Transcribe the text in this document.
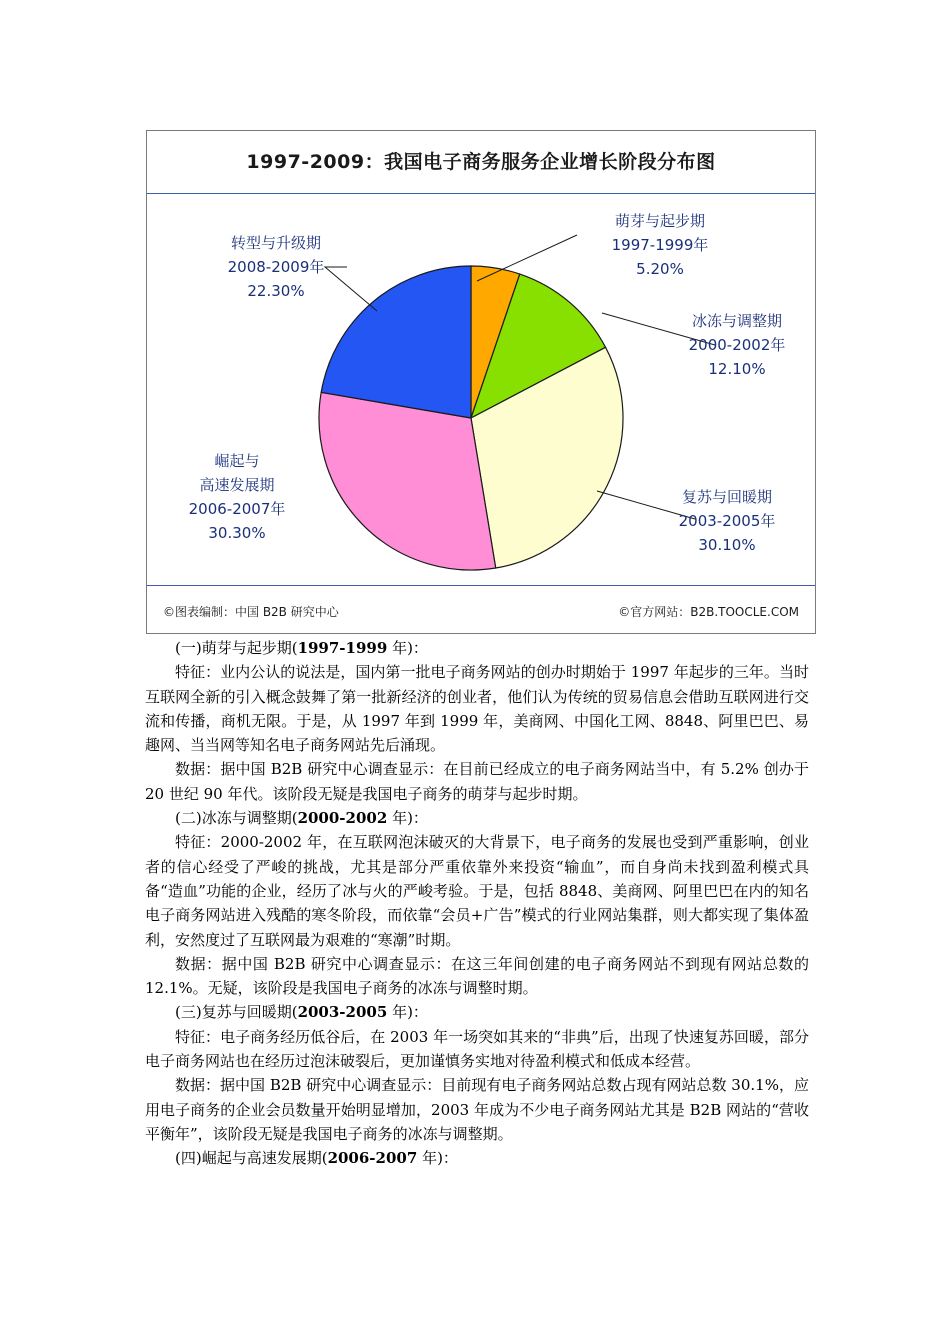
1997-2009：我国电子商务服务企业增长阶段分布图
萌芽与起步期
1997-1999年
5.20%
冰冻与调整期
2000-2002年
12.10%
复苏与回暖期
2003-2005年
30.10%
崛起与
高速发展期
2006-2007年
30.30%
转型与升级期
2008-2009年
22.30%
©图表编制：中国 B2B 研究中心	©官方网站：B2B.TOOCLE.COM

(一)萌芽与起步期(1997-1999 年)：

特征：业内公认的说法是，国内第一批电子商务网站的创办时期始于 1997 年起步的三年。当时互联网全新的引入概念鼓舞了第一批新经济的创业者，他们认为传统的贸易信息会借助互联网进行交流和传播，商机无限。于是，从 1997 年到 1999 年，美商网、中国化工网、8848、阿里巴巴、易趣网、当当网等知名电子商务网站先后涌现。

数据：据中国 B2B 研究中心调查显示：在目前已经成立的电子商务网站当中，有 5.2% 创办于 20 世纪 90 年代。该阶段无疑是我国电子商务的萌芽与起步时期。

(二)冰冻与调整期(2000-2002 年)：

特征：2000-2002 年，在互联网泡沫破灭的大背景下，电子商务的发展也受到严重影响，创业者的信心经受了严峻的挑战，尤其是部分严重依靠外来投资“输血”，而自身尚未找到盈利模式具备“造血”功能的企业，经历了冰与火的严峻考验。于是，包括 8848、美商网、阿里巴巴在内的知名电子商务网站进入残酷的寒冬阶段，而依靠“会员+广告”模式的行业网站集群，则大都实现了集体盈利，安然度过了互联网最为艰难的“寒潮”时期。

数据：据中国 B2B 研究中心调查显示：在这三年间创建的电子商务网站不到现有网站总数的 12.1%。无疑，该阶段是我国电子商务的冰冻与调整时期。

(三)复苏与回暖期(2003-2005 年)：

特征：电子商务经历低谷后，在 2003 年一场突如其来的“非典”后，出现了快速复苏回暖，部分电子商务网站也在经历过泡沫破裂后，更加谨慎务实地对待盈利模式和低成本经营。

数据：据中国 B2B 研究中心调查显示：目前现有电子商务网站总数占现有网站总数 30.1%，应用电子商务的企业会员数量开始明显增加，2003 年成为不少电子商务网站尤其是 B2B 网站的“营收平衡年”，该阶段无疑是我国电子商务的冰冻与调整期。

(四)崛起与高速发展期(2006-2007 年)：
